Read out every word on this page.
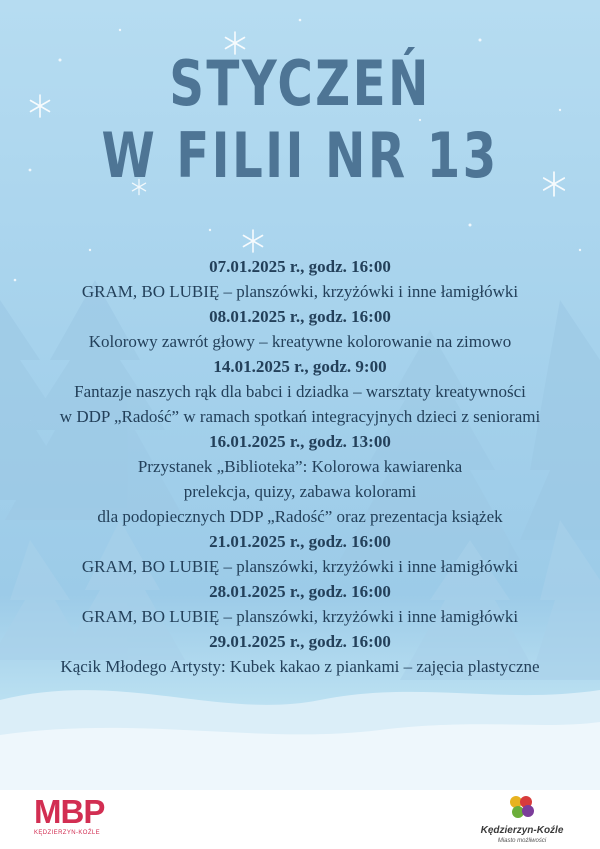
STYCZEŃ
W FILII NR 13
07.01.2025 r., godz. 16:00
GRAM, BO LUBIĘ – planszówki, krzyżówki i inne łamigłówki
08.01.2025 r., godz. 16:00
Kolorowy zawrót głowy – kreatywne kolorowanie na zimowo
14.01.2025 r., godz. 9:00
Fantazje naszych rąk dla babci i dziadka – warsztaty kreatywności
w DDP „Radość” w ramach spotkań integracyjnych dzieci z seniorami
16.01.2025 r., godz. 13:00
Przystanek „Biblioteka”: Kolorowa kawiarenka
prelekcja, quizy, zabawa kolorami
dla podopiecznych DDP „Radość” oraz prezentacja książek
21.01.2025 r., godz. 16:00
GRAM, BO LUBIĘ – planszówki, krzyżówki i inne łamigłówki
28.01.2025 r., godz. 16:00
GRAM, BO LUBIĘ – planszówki, krzyżówki i inne łamigłówki
29.01.2025 r., godz. 16:00
Kącik Młodego Artysty: Kubek kakao z piankami – zajęcia plastyczne
MBP
KĘDZIERZYN-KOŹLE	Kędzierzyn-Koźle
Miasto możliwości
